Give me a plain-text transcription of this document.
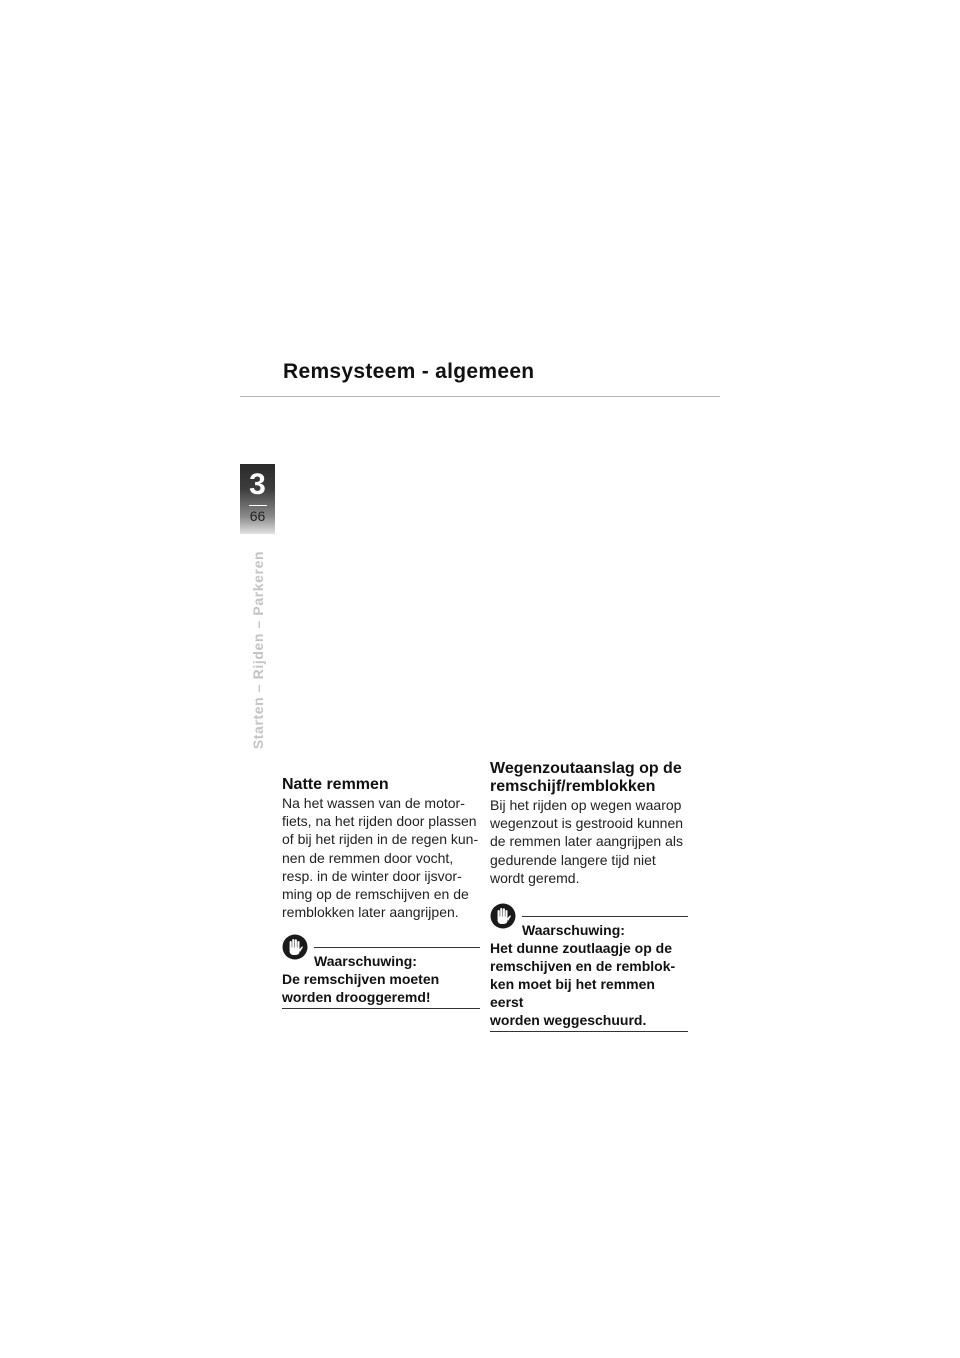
Remsysteem - algemeen
3
66
Starten – Rijden – Parkeren
Natte remmen

Na het wassen van de motor-
fiets, na het rijden door plassen
of bij het rijden in de regen kun-
nen de remmen door vocht,
resp. in de winter door ijsvor-
ming op de remschijven en de
remblokken later aangrijpen.

Waarschuwing:

De remschijven moeten
worden drooggeremd!

Wegenzoutaanslag op de remschijf/remblokken

Bij het rijden op wegen waarop
wegenzout is gestrooid kunnen
de remmen later aangrijpen als
gedurende langere tijd niet
wordt geremd.

Waarschuwing:

Het dunne zoutlaagje op de
remschijven en de remblok-
ken moet bij het remmen eerst
worden weggeschuurd.
